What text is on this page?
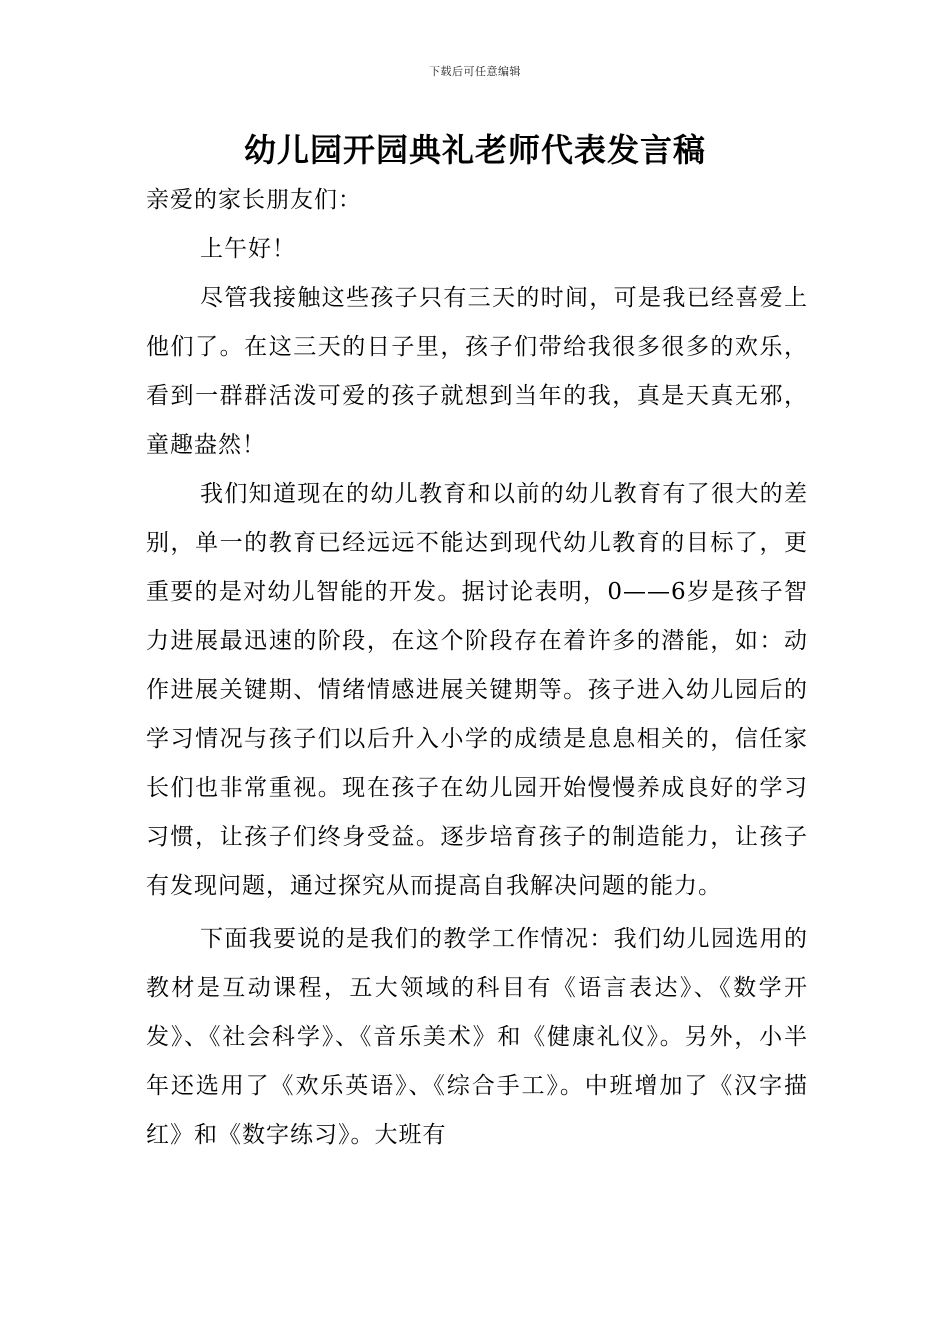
下载后可任意编辑
幼儿园开园典礼老师代表发言稿

亲爱的家长朋友们：

上午好！

尽管我接触这些孩子只有三天的时间，可是我已经喜爱上他们了。在这三天的日子里，孩子们带给我很多很多的欢乐，看到一群群活泼可爱的孩子就想到当年的我，真是天真无邪，童趣盎然！

我们知道现在的幼儿教育和以前的幼儿教育有了很大的差别，单一的教育已经远远不能达到现代幼儿教育的目标了，更重要的是对幼儿智能的开发。据讨论表明，0——6岁是孩子智力进展最迅速的阶段，在这个阶段存在着许多的潜能，如：动作进展关键期、情绪情感进展关键期等。孩子进入幼儿园后的学习情况与孩子们以后升入小学的成绩是息息相关的，信任家长们也非常重视。现在孩子在幼儿园开始慢慢养成良好的学习习惯，让孩子们终身受益。逐步培育孩子的制造能力，让孩子有发现问题，通过探究从而提高自我解决问题的能力。

下面我要说的是我们的教学工作情况：我们幼儿园选用的教材是互动课程，五大领域的科目有《语言表达》、《数学开发》、《社会科学》、《音乐美术》和《健康礼仪》。另外，小半年还选用了《欢乐英语》、《综合手工》。中班增加了《汉字描红》和《数字练习》。大班有
